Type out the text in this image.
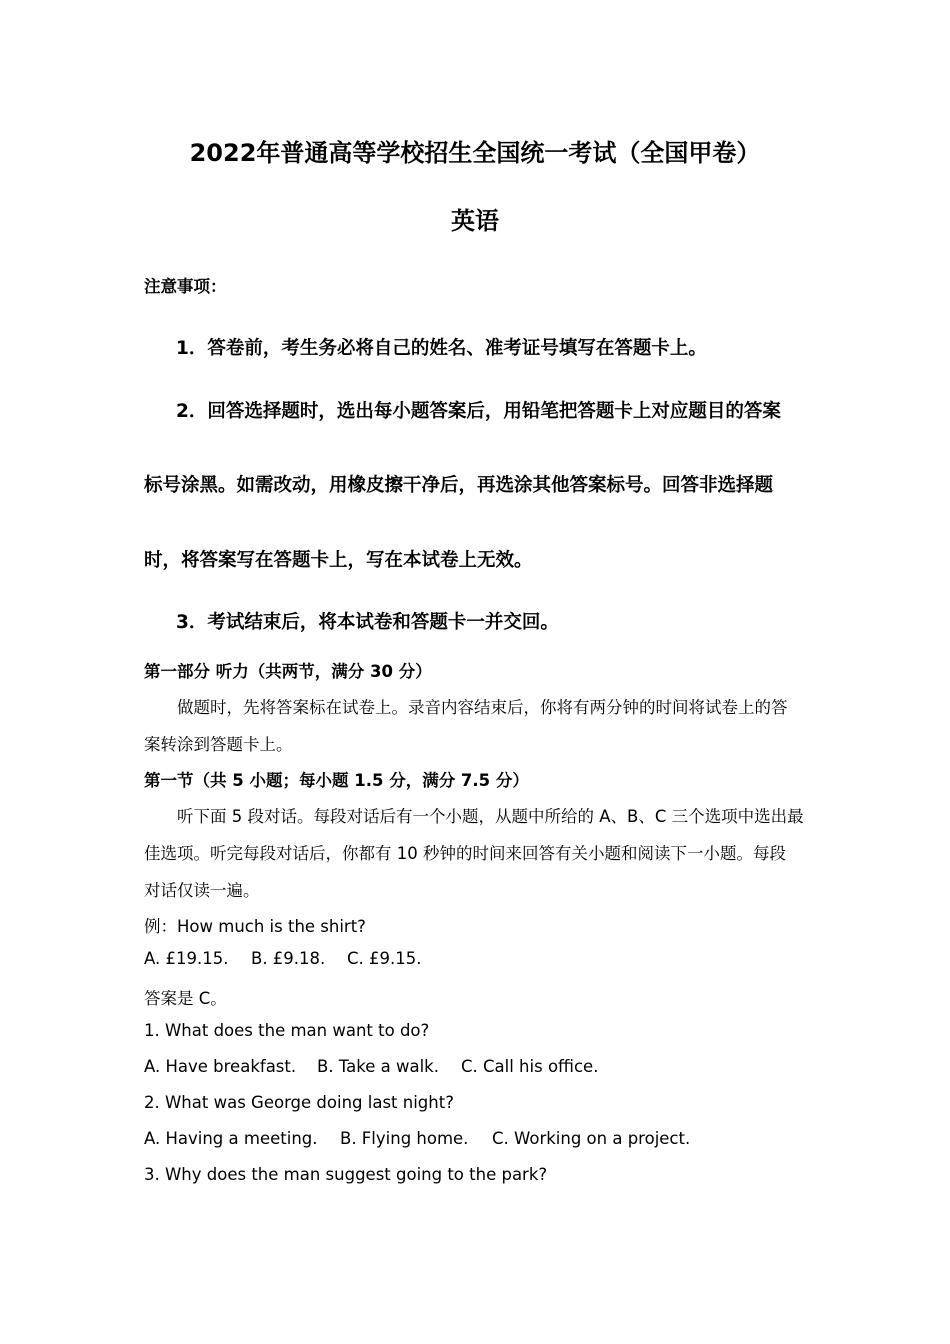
2022年普通高等学校招生全国统一考试（全国甲卷）
英语
注意事项：
1．答卷前，考生务必将自己的姓名、准考证号填写在答题卡上。
2．回答选择题时，选出每小题答案后，用铅笔把答题卡上对应题目的答案
标号涂黑。如需改动，用橡皮擦干净后，再选涂其他答案标号。回答非选择题
时，将答案写在答题卡上，写在本试卷上无效。
3．考试结束后，将本试卷和答题卡一并交回。
第一部分 听力（共两节，满分 30 分）
做题时，先将答案标在试卷上。录音内容结束后，你将有两分钟的时间将试卷上的答
案转涂到答题卡上。
第一节（共 5 小题；每小题 1.5 分，满分 7.5 分）
听下面 5 段对话。每段对话后有一个小题，从题中所给的 A、B、C 三个选项中选出最
佳选项。听完每段对话后，你都有 10 秒钟的时间来回答有关小题和阅读下一小题。每段
对话仅读一遍。
例：How much is the shirt?
A. £19.15. B. £9.18. C. £9.15.
答案是 C。
1. What does the man want to do?
A. Have breakfast. B. Take a walk. C. Call his office.
2. What was George doing last night?
A. Having a meeting. B. Flying home. C. Working on a project.
3. Why does the man suggest going to the park?
